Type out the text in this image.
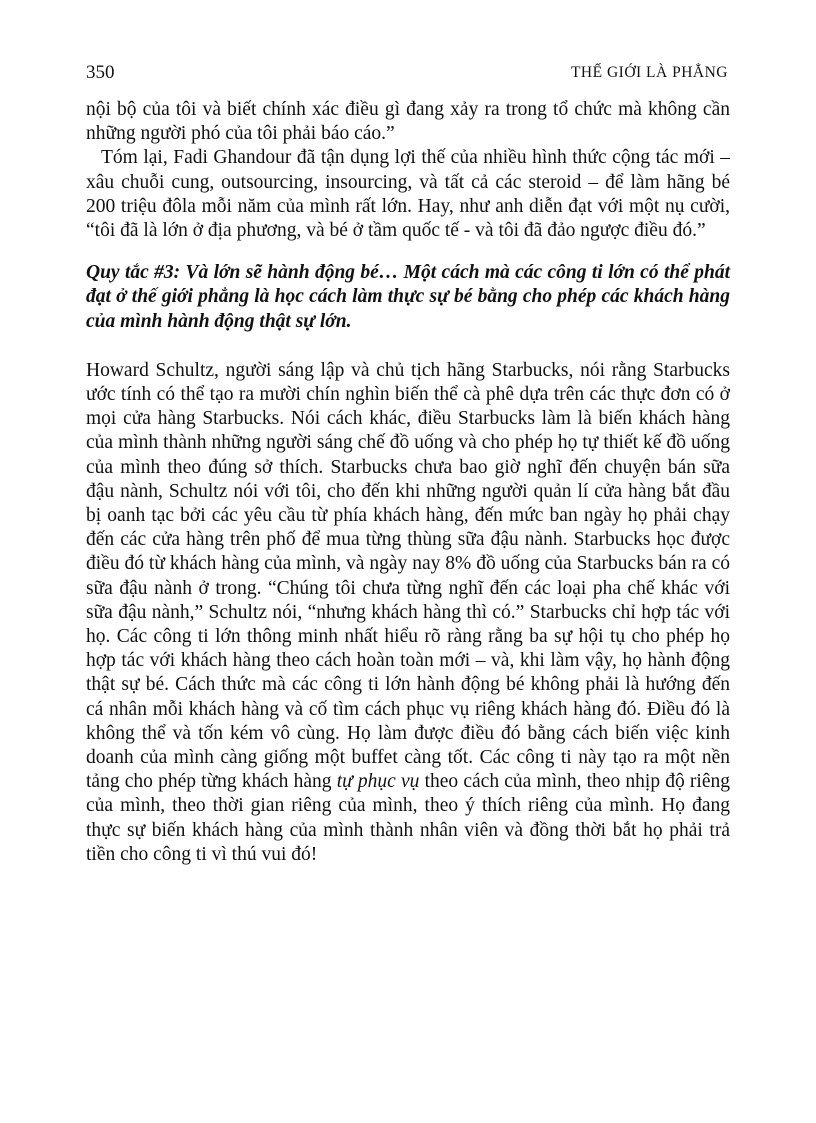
350	THẾ GIỚI LÀ PHẲNG

nội bộ của tôi và biết chính xác điều gì đang xảy ra trong tổ chức mà không cần những người phó của tôi phải báo cáo.”

Tóm lại, Fadi Ghandour đã tận dụng lợi thế của nhiều hình thức cộng tác mới – xâu chuỗi cung, outsourcing, insourcing, và tất cả các steroid – để làm hãng bé 200 triệu đôla mỗi năm của mình rất lớn. Hay, như anh diễn đạt với một nụ cười, “tôi đã là lớn ở địa phương, và bé ở tầm quốc tế - và tôi đã đảo ngược điều đó.”

Quy tắc #3: Và lớn sẽ hành động bé… Một cách mà các công ti lớn có thể phát đạt ở thế giới phẳng là học cách làm thực sự bé bằng cho phép các khách hàng của mình hành động thật sự lớn.

Howard Schultz, người sáng lập và chủ tịch hãng Starbucks, nói rằng Starbucks ước tính có thể tạo ra mười chín nghìn biến thể cà phê dựa trên các thực đơn có ở mọi cửa hàng Starbucks. Nói cách khác, điều Starbucks làm là biến khách hàng của mình thành những người sáng chế đồ uống và cho phép họ tự thiết kế đồ uống của mình theo đúng sở thích. Starbucks chưa bao giờ nghĩ đến chuyện bán sữa đậu nành, Schultz nói với tôi, cho đến khi những người quản lí cửa hàng bắt đầu bị oanh tạc bởi các yêu cầu từ phía khách hàng, đến mức ban ngày họ phải chạy đến các cửa hàng trên phố để mua từng thùng sữa đậu nành. Starbucks học được điều đó từ khách hàng của mình, và ngày nay 8% đồ uống của Starbucks bán ra có sữa đậu nành ở trong. “Chúng tôi chưa từng nghĩ đến các loại pha chế khác với sữa đậu nành,” Schultz nói, “nhưng khách hàng thì có.” Starbucks chỉ hợp tác với họ. Các công ti lớn thông minh nhất hiểu rõ ràng rằng ba sự hội tụ cho phép họ hợp tác với khách hàng theo cách hoàn toàn mới – và, khi làm vậy, họ hành động thật sự bé. Cách thức mà các công ti lớn hành động bé không phải là hướng đến cá nhân mỗi khách hàng và cố tìm cách phục vụ riêng khách hàng đó. Điều đó là không thể và tốn kém vô cùng. Họ làm được điều đó bằng cách biến việc kinh doanh của mình càng giống một buffet càng tốt. Các công ti này tạo ra một nền tảng cho phép từng khách hàng tự phục vụ theo cách của mình, theo nhịp độ riêng của mình, theo thời gian riêng của mình, theo ý thích riêng của mình. Họ đang thực sự biến khách hàng của mình thành nhân viên và đồng thời bắt họ phải trả tiền cho công ti vì thú vui đó!
